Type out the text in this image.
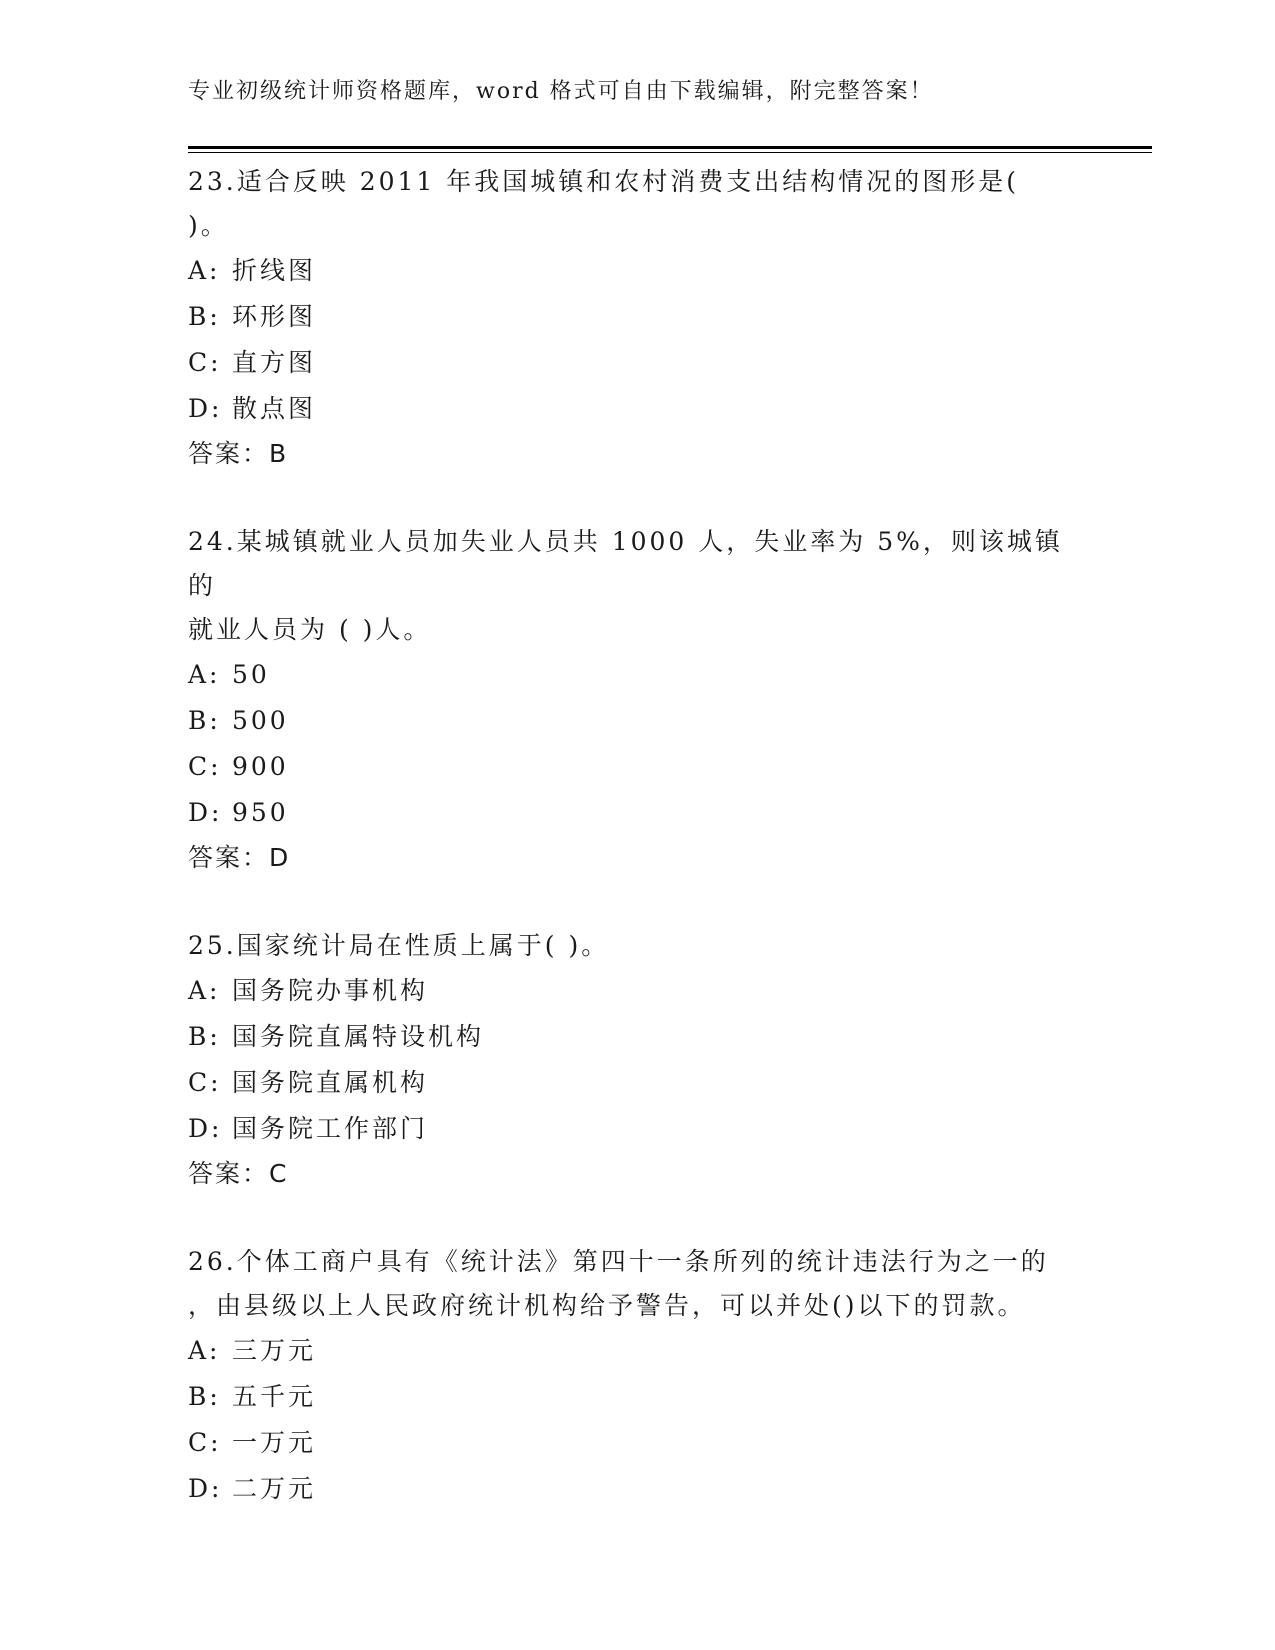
专业初级统计师资格题库，word 格式可自由下载编辑，附完整答案！

23.适合反映 2011 年我国城镇和农村消费支出结构情况的图形是(

)。

A: 折线图
B: 环形图
C: 直方图
D: 散点图

答案：B

24.某城镇就业人员加失业人员共 1000 人，失业率为 5%，则该城镇的

就业人员为 ( )人。

A: 50
B: 500
C: 900
D: 950

答案：D

25.国家统计局在性质上属于( )。

A: 国务院办事机构
B: 国务院直属特设机构
C: 国务院直属机构
D: 国务院工作部门

答案：C

26.个体工商户具有《统计法》第四十一条所列的统计违法行为之一的

，由县级以上人民政府统计机构给予警告，可以并处()以下的罚款。

A: 三万元
B: 五千元
C: 一万元
D: 二万元
